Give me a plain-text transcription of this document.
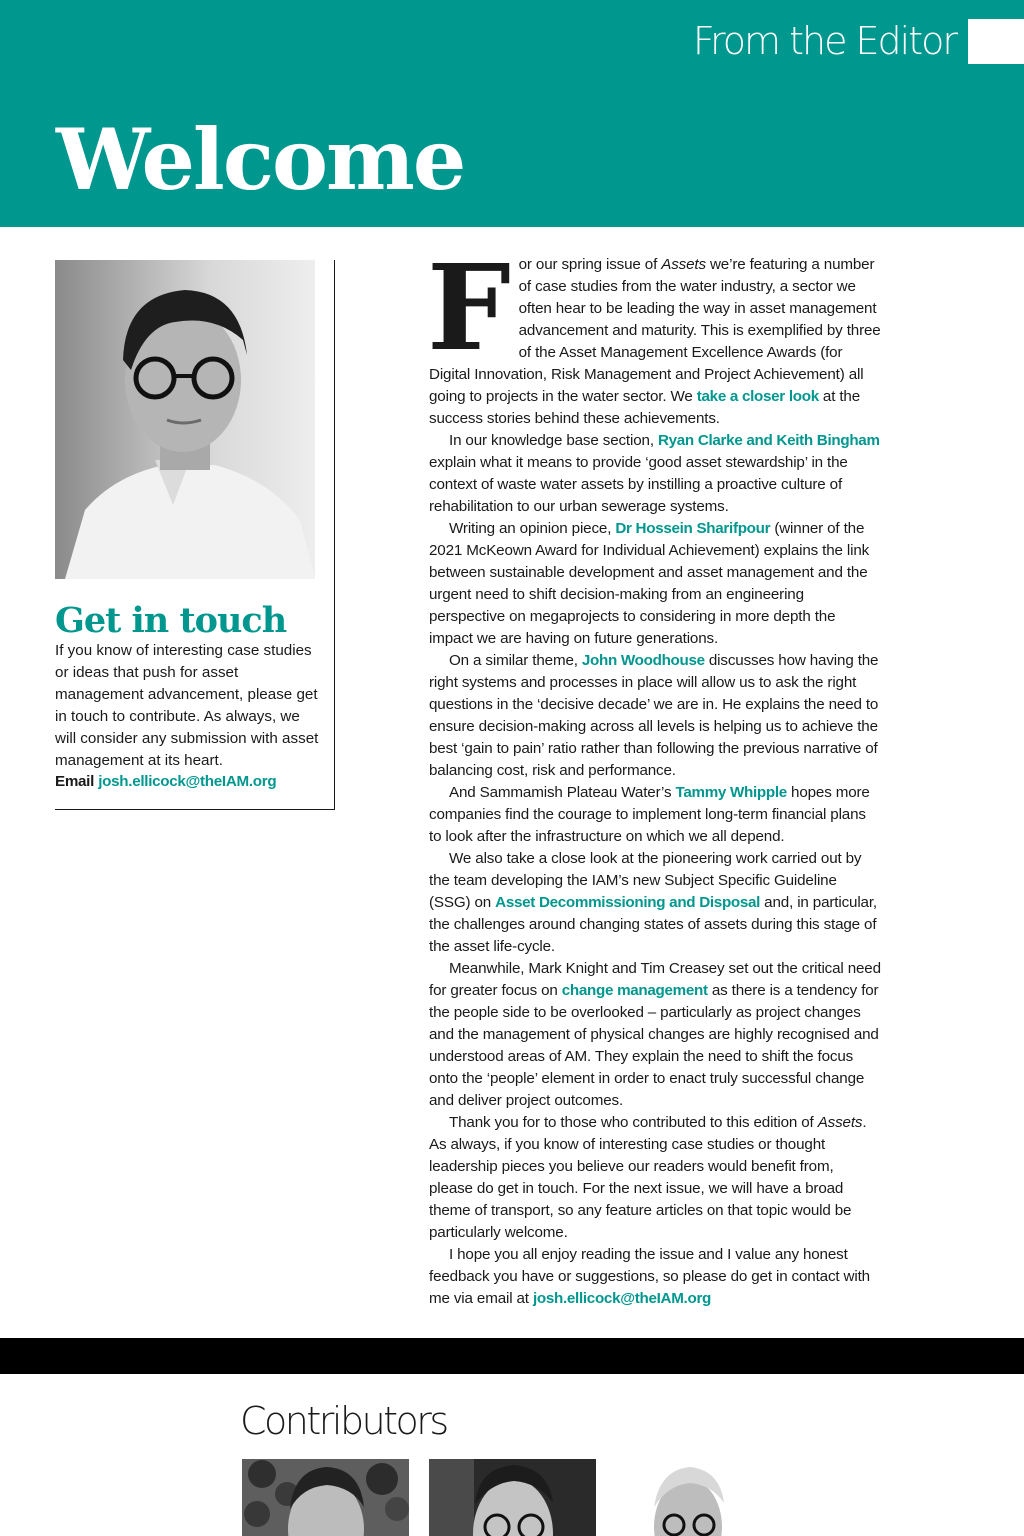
From the Editor
Welcome
Get in touch

If you know of interesting case studies or ideas that push for asset management advancement, please get in touch to contribute. As always, we will consider any submission with asset management at its heart.

Email josh.ellicock@theIAM.org

For our spring issue of Assets we’re featuring a number of case studies from the water industry, a sector we often hear to be leading the way in asset management advancement and maturity. This is exemplified by three of the Asset Management Excellence Awards (for Digital Innovation, Risk Management and Project Achievement) all going to projects in the water sector. We take a closer look at the success stories behind these achievements.

In our knowledge base section, Ryan Clarke and Keith Bingham explain what it means to provide ‘good asset stewardship’ in the context of waste water assets by instilling a proactive culture of rehabilitation to our urban sewerage systems.

Writing an opinion piece, Dr Hossein Sharifpour (winner of the 2021 McKeown Award for Individual Achievement) explains the link between sustainable development and asset management and the urgent need to shift decision-making from an engineering perspective on megaprojects to considering in more depth the impact we are having on future generations.

On a similar theme, John Woodhouse discusses how having the right systems and processes in place will allow us to ask the right questions in the ‘decisive decade’ we are in. He explains the need to ensure decision-making across all levels is helping us to achieve the best ‘gain to pain’ ratio rather than following the previous narrative of balancing cost, risk and performance.

And Sammamish Plateau Water’s Tammy Whipple hopes more companies find the courage to implement long-term financial plans to look after the infrastructure on which we all depend.

We also take a close look at the pioneering work carried out by the team developing the IAM’s new Subject Specific Guideline (SSG) on Asset Decommissioning and Disposal and, in particular, the challenges around changing states of assets during this stage of the asset life-cycle.

Meanwhile, Mark Knight and Tim Creasey set out the critical need for greater focus on change management as there is a tendency for the people side to be overlooked – particularly as project changes and the management of physical changes are highly recognised and understood areas of AM. They explain the need to shift the focus onto the ‘people’ element in order to enact truly successful change and deliver project outcomes.

Thank you for to those who contributed to this edition of Assets. As always, if you know of interesting case studies or thought leadership pieces you believe our readers would benefit from, please do get in touch. For the next issue, we will have a broad theme of transport, so any feature articles on that topic would be particularly welcome.

I hope you all enjoy reading the issue and I value any honest feedback you have or suggestions, so please do get in contact with me via email at josh.ellicock@theIAM.org

Contributors
